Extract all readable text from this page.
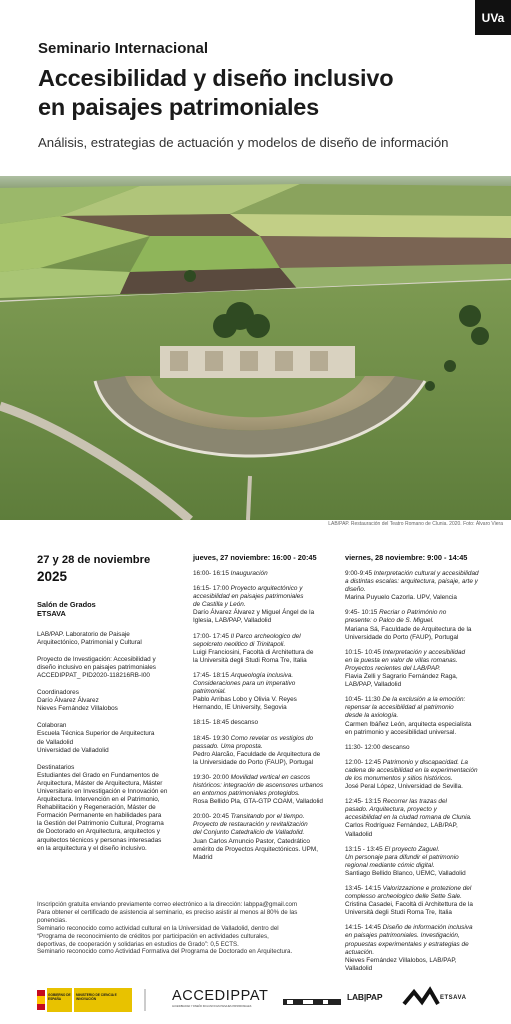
UVa
Seminario Internacional
Accesibilidad y diseño inclusivo
en paisajes patrimoniales
Análisis, estrategias de actuación y modelos de diseño de información
LAB/PAP. Restauración del Teatro Romano de Clunia. 2020. Foto: Álvaro Viera
27 y 28 de noviembre
2025
Salón de Grados
ETSAVA

LAB/PAP. Laboratorio de Paisaje

Arquitectónico, Patrimonial y Cultural

Proyecto de Investigación: Accesibilidad y

diseño inclusivo en paisajes patrimoniales

ACCEDIPPAT_ PID2020-118216RB-I00

Coordinadores

Darío Álvarez Álvarez

Nieves Fernández Villalobos

Colaboran

Escuela Técnica Superior de Arquitectura

de Valladolid

Universidad de Valladolid

Destinatarios

Estudiantes del Grado en Fundamentos de

Arquitectura, Máster de Arquitectura, Máster

Universitario en Investigación e Innovación en

Arquitectura. Intervención en el Patrimonio,

Rehabilitación y Regeneración, Máster de

Formación Permanente en habilidades para

la Gestión del Patrimonio Cultural, Programa

de Doctorado en Arquitectura, arquitectos y

arquitectos técnicos y personas interesadas

en la arquitectura y el diseño inclusivo.

jueves, 27 noviembre: 16:00 - 20:45
16:00- 16:15 Inauguración
16:15- 17:00 Proyecto arquitectónico y
accesibilidad en paisajes patrimoniales
de Castilla y León.
Darío Álvarez Álvarez y Miguel Ángel de la
Iglesia, LAB/PAP, Valladolid
17:00- 17:45 Il Parco archeologico del
sepolcreto neolitico di Trinitapoli.
Luigi Franciosini, Facoltà di Architettura de
la Università degli Studi Roma Tre, Italia
17:45- 18:15 Arqueología inclusiva.
Consideraciones para un imperativo
patrimonial.
Pablo Arribas Lobo y Olivia V. Reyes
Hernando, IE University, Segovia
18:15- 18:45 descanso
18:45- 19:30 Como revelar os vestigios do
passado. Uma proposta.
Pedro Alarcão, Faculdade de Arquitectura de
la Universidade do Porto (FAUP), Portugal
19:30- 20:00 Movilidad vertical en cascos
históricos: integración de ascensores urbanos
en entornos patrimoniales protegidos.
Rosa Bellido Pla, GTA-GTP COAM, Valladolid
20:00- 20:45 Transitando por el tiempo.
Proyecto de restauración y revitalización
del Conjunto Catedralicio de Valladolid.
Juan Carlos Arnuncio Pastor, Catedrático
emérito de Proyectos Arquitectónicos. UPM,
Madrid
viernes, 28 noviembre: 9:00 - 14:45
9:00-9:45 Interpretación cultural y accesibilidad
a distintas escalas: arquitectura, paisaje, arte y
diseño.
Marina Puyuelo Cazorla. UPV, Valencia
9:45- 10:15 Recriar o Património no
presente: o Palco de S. Miguel.
Mariana Sá, Faculdade de Arquitectura de la
Universidade do Porto (FAUP), Portugal
10:15- 10:45 Interpretación y accesibilidad
en la puesta en valor de villas romanas.
Proyectos recientes del LAB/PAP.
Flavia Zelli y Sagrario Fernández Raga,
LAB/PAP, Valladolid
10:45- 11:30 De la exclusión a la emoción:
repensar la accesibilidad al patrimonio
desde la axiología.
Carmen Ibáñez León, arquitecta especialista
en patrimonio y accesibilidad universal.
11:30- 12:00 descanso
12:00- 12:45 Patrimonio y discapacidad. La
cadena de accesibilidad en la experimentación
de los monumentos y sitios históricos.
José Peral López, Universidad de Sevilla.
12:45- 13:15 Recorrer las trazas del
pasado. Arquitectura, proyecto y
accesibilidad en la ciudad romana de Clunia.
Carlos Rodríguez Fernández, LAB/PAP,
Valladolid
13:15 - 13:45 El proyecto Zaguel.
Un personaje para difundir el patrimonio
regional mediante cómic digital.
Santiago Bellido Blanco, UEMC, Valladolid
13:45- 14:15 Valorizzazione e protezione del
complesso archeologico delle Sette Sale.
Cristina Casadei, Facoltà di Architettura de la
Università degli Studi Roma Tre, Italia
14:15- 14:45 Diseño de información inclusiva
en paisajes patrimoniales. Investigación,
propuestas experimentales y estrategias de
actuación.
Nieves Fernández Villalobos, LAB/PAP,
Valladolid

Inscripción gratuita enviando previamente correo electrónico a la dirección: labppa@gmail.com

Para obtener el certificado de asistencia al seminario, es preciso asistir al menos al 80% de las

ponencias.

Seminario reconocido como actividad cultural en la Universidad de Valladolid, dentro del

“Programa de reconocimiento de créditos por participación en actividades culturales,

deportivas, de cooperación y solidarias en estudios de Grado”: 0,5 ECTS.

Seminario reconocido como Actividad Formativa del Programa de Doctorado en Arquitectura.

GOBIERNO DE ESPAÑA
MINISTERIO DE CIENCIA E INNOVACIÓN	ACCEDIPPAT
ACCESIBILIDAD Y DISEÑO INCLUSIVO EN PAISAJES PATRIMONIALES
LAB|PAP	ETSAVA
